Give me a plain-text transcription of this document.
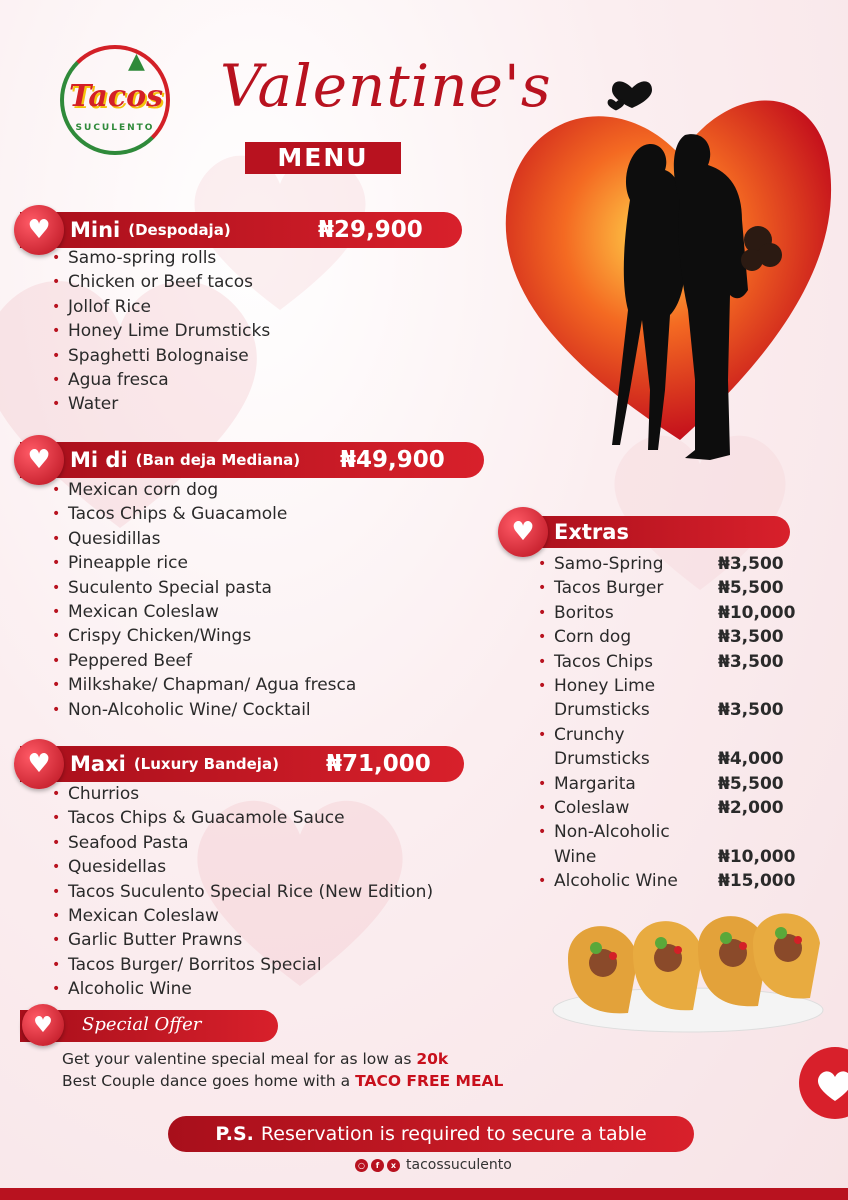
▲
Tacos
SUCULENTO
Valentine's
MENU
Mini (Despodaja)	₦29,900
♥
• Samo-spring rolls
• Chicken or Beef tacos
• Jollof Rice
• Honey Lime Drumsticks
• Spaghetti Bolognaise
• Agua fresca
• Water
Mi di (Ban deja Mediana) ₦49,900
♥
• Mexican corn dog
• Tacos Chips & Guacamole
• Quesidillas
• Pineapple rice
• Suculento Special pasta
• Mexican Coleslaw
• Crispy Chicken/Wings
• Peppered Beef
• Milkshake/ Chapman/ Agua fresca
• Non-Alcoholic Wine/ Cocktail
Maxi (Luxury Bandeja) ₦71,000
♥
• Churrios
• Tacos Chips & Guacamole Sauce
• Seafood Pasta
• Quesidellas
• Tacos Suculento Special Rice (New Edition)
• Mexican Coleslaw
• Garlic Butter Prawns
• Tacos Burger/ Borritos Special
• Alcoholic Wine
Extras
♥
• Samo-Spring	₦3,500
• Tacos Burger	₦5,500
• Boritos	₦10,000
• Corn dog	₦3,500
• Tacos Chips	₦3,500
• Honey Lime
Drumsticks	₦3,500
• Crunchy
Drumsticks	₦4,000
• Margarita	₦5,500
• Coleslaw	₦2,000
• Non-Alcoholic
Wine	₦10,000
• Alcoholic Wine ₦15,000
♥	Special Offer
Get your valentine special meal for as low as 20k
Best Couple dance goes home with a TACO FREE MEAL
P.S. Reservation is required to secure a table
○	f	x tacossuculento
